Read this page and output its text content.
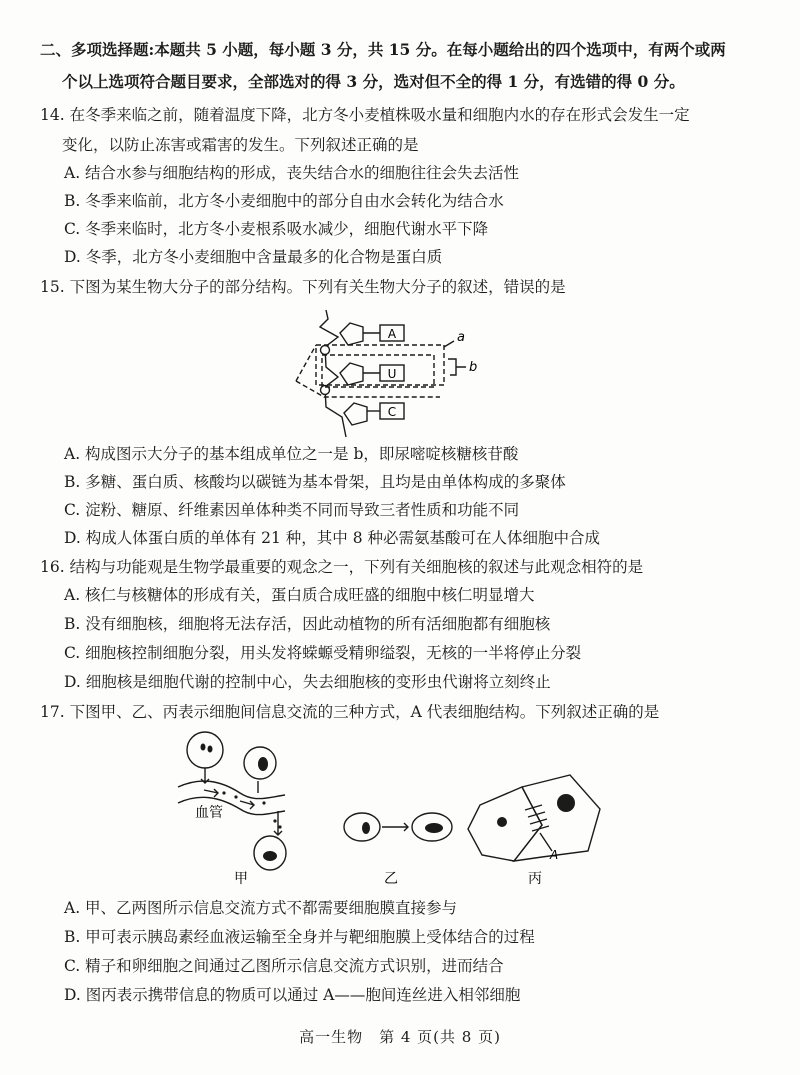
二、多项选择题:本题共 5 小题，每小题 3 分，共 15 分。在每小题给出的四个选项中，有两个或两
个以上选项符合题目要求，全部选对的得 3 分，选对但不全的得 1 分，有选错的得 0 分。
14. 在冬季来临之前，随着温度下降，北方冬小麦植株吸水量和细胞内水的存在形式会发生一定
变化，以防止冻害或霜害的发生。下列叙述正确的是
A. 结合水参与细胞结构的形成，丧失结合水的细胞往往会失去活性
B. 冬季来临前，北方冬小麦细胞中的部分自由水会转化为结合水
C. 冬季来临时，北方冬小麦根系吸水减少，细胞代谢水平下降
D. 冬季，北方冬小麦细胞中含量最多的化合物是蛋白质
15. 下图为某生物大分子的部分结构。下列有关生物大分子的叙述，错误的是
A
U
C
a
b
A. 构成图示大分子的基本组成单位之一是 b，即尿嘧啶核糖核苷酸
B. 多糖、蛋白质、核酸均以碳链为基本骨架，且均是由单体构成的多聚体
C. 淀粉、糖原、纤维素因单体种类不同而导致三者性质和功能不同
D. 构成人体蛋白质的单体有 21 种，其中 8 种必需氨基酸可在人体细胞中合成
16. 结构与功能观是生物学最重要的观念之一，下列有关细胞核的叙述与此观念相符的是
A. 核仁与核糖体的形成有关，蛋白质合成旺盛的细胞中核仁明显增大
B. 没有细胞核，细胞将无法存活，因此动植物的所有活细胞都有细胞核
C. 细胞核控制细胞分裂，用头发将蝾螈受精卵缢裂，无核的一半将停止分裂
D. 细胞核是细胞代谢的控制中心，失去细胞核的变形虫代谢将立刻终止
17. 下图甲、乙、丙表示细胞间信息交流的三种方式，A 代表细胞结构。下列叙述正确的是
血管
甲	乙	丙
A
A. 甲、乙两图所示信息交流方式不都需要细胞膜直接参与
B. 甲可表示胰岛素经血液运输至全身并与靶细胞膜上受体结合的过程
C. 精子和卵细胞之间通过乙图所示信息交流方式识别，进而结合
D. 图丙表示携带信息的物质可以通过 A——胞间连丝进入相邻细胞
高一生物　第 4 页(共 8 页)
